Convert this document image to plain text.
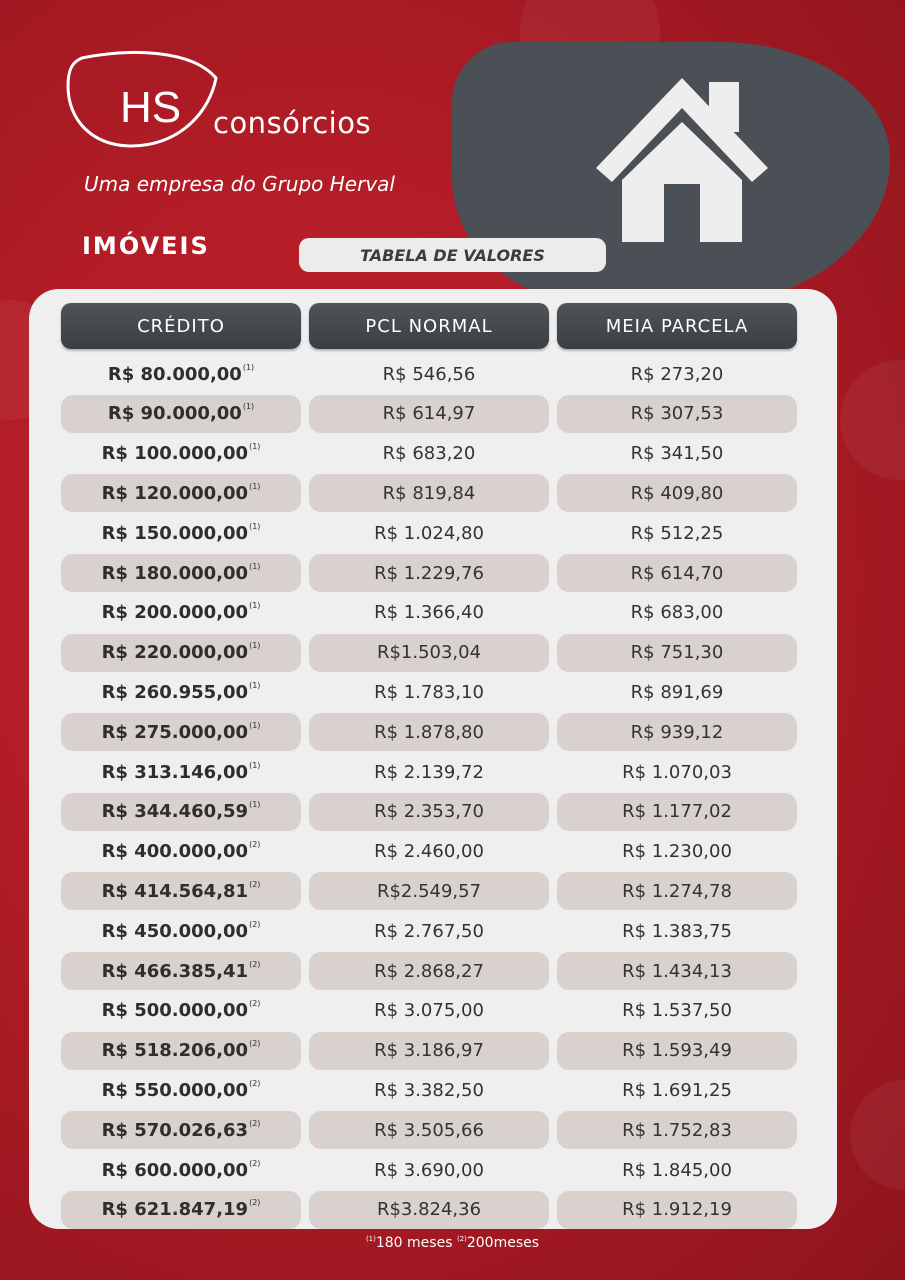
HS consórcios
Uma empresa do Grupo Herval
IMÓVEIS	TABELA DE VALORES
CRÉDITO	PCL NORMAL	MEIA PARCELA
R$ 80.000,00 (1)	R$ 546,56	R$ 273,20
R$ 90.000,00 (1)	R$ 614,97	R$ 307,53
R$ 100.000,00 (1)	R$ 683,20	R$ 341,50
R$ 120.000,00 (1)	R$ 819,84	R$ 409,80
R$ 150.000,00 (1)	R$ 1.024,80	R$ 512,25
R$ 180.000,00 (1)	R$ 1.229,76	R$ 614,70
R$ 200.000,00 (1)	R$ 1.366,40	R$ 683,00
R$ 220.000,00 (1)	R$1.503,04	R$ 751,30
R$ 260.955,00 (1)	R$ 1.783,10	R$ 891,69
R$ 275.000,00 (1)	R$ 1.878,80	R$ 939,12
R$ 313.146,00 (1)	R$ 2.139,72	R$ 1.070,03
R$ 344.460,59 (1)	R$ 2.353,70	R$ 1.177,02
R$ 400.000,00 (2)	R$ 2.460,00	R$ 1.230,00
R$ 414.564,81 (2)	R$2.549,57	R$ 1.274,78
R$ 450.000,00 (2)	R$ 2.767,50	R$ 1.383,75
R$ 466.385,41 (2)	R$ 2.868,27	R$ 1.434,13
R$ 500.000,00 (2)	R$ 3.075,00	R$ 1.537,50
R$ 518.206,00 (2)	R$ 3.186,97	R$ 1.593,49
R$ 550.000,00 (2)	R$ 3.382,50	R$ 1.691,25
R$ 570.026,63 (2)	R$ 3.505,66	R$ 1.752,83
R$ 600.000,00 (2)	R$ 3.690,00	R$ 1.845,00
R$ 621.847,19 (2)	R$3.824,36	R$ 1.912,19
$^{(1)}$180 meses $^{(2)}$200meses
